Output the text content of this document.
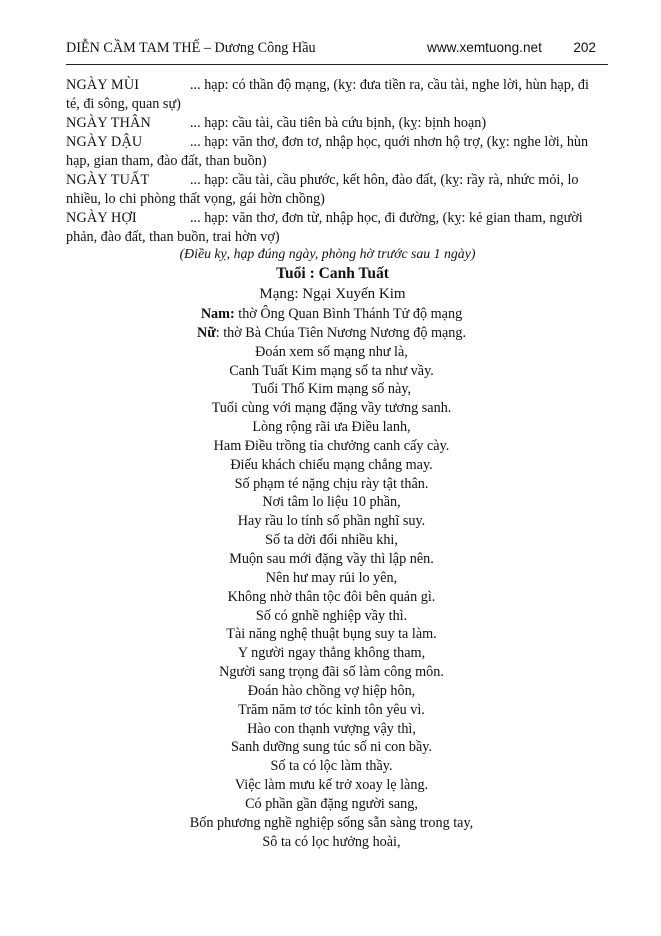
DIỄN CẦM TAM THẾ – Dương Công Hầu	www.xemtuong.net 202

NGÀY MÙI	... hạp: có thần độ mạng, (kỵ: đưa tiền ra, cầu tài, nghe lời, hùn hạp, đi té, đi sông, quan sự)

NGÀY THÂN	... hạp: cầu tài, cầu tiên bà cứu bịnh, (kỵ: bịnh hoạn)

NGÀY DẬU	... hạp: văn thơ, đơn tơ, nhập học, quới nhơn hộ trợ, (kỵ: nghe lời, hùn hạp, gian tham, đào đất, than buồn)

NGÀY TUẤT	... hạp: cầu tài, cầu phước, kết hôn, đào đất, (kỵ: rầy rà, nhức mỏi, lo nhiều, lo chi phòng thất vọng, gái hờn chồng)

NGÀY HỢI	... hạp: văn thơ, đơn từ, nhập học, đi đường, (kỵ: kẻ gian tham, người phản, đào đất, than buồn, trai hờn vợ)

(Điều kỵ, hạp đúng ngày, phòng hờ trước sau 1 ngày)
Tuổi : Canh Tuất
Mạng: Ngại Xuyến Kim
Nam: thờ Ông Quan Bình Thánh Tử độ mạng
Nữ: thờ Bà Chúa Tiên Nương Nương độ mạng.
Đoán xem số mạng như là,
Canh Tuất Kim mạng số ta như vầy.
Tuổi Thổ Kim mạng số này,
Tuổi cùng với mạng đặng vầy tương sanh.
Lòng rộng rãi ưa Điều lanh,
Ham Điều trồng tỉa chưởng canh cấy cày.
Điếu khách chiếu mạng chẳng may.
Số phạm té nặng chịu rày tật thân.
Nơi tâm lo liệu 10 phần,
Hay rầu lo tính số phần nghĩ suy.
Số ta dời đổi nhiều khi,
Muộn sau mới đặng vầy thì lập nên.
Nên hư may rủi lo yên,
Không nhờ thân tộc đôi bên quản gì.
Số có gnhề nghiệp vầy thì.
Tài năng nghệ thuật bụng suy ta làm.
Y người ngay thẳng không tham,
Người sang trọng đãi số làm công môn.
Đoán hào chồng vợ hiệp hôn,
Trăm năm tơ tóc kỉnh tôn yêu vì.
Hào con thạnh vượng vậy thì,
Sanh dưỡng sung túc số ni con bầy.
Số ta có lộc làm thầy.
Việc làm mưu kế trở xoay lẹ làng.
Có phần gần đặng người sang,
Bốn phương nghề nghiệp sống sẵn sàng trong tay,
Sô ta có lọc hưởng hoài,
